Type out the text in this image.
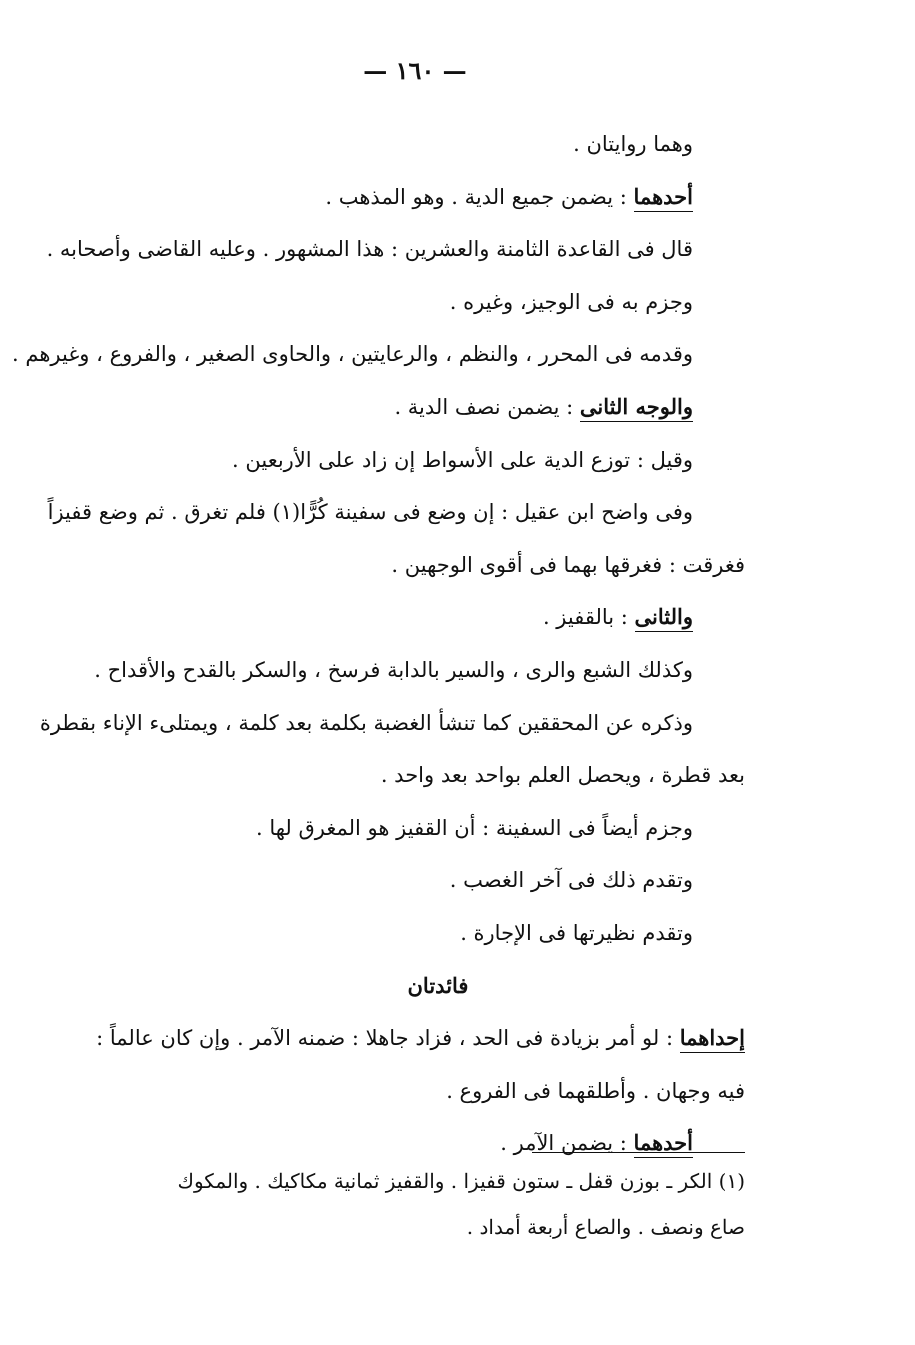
— ١٦٠ —
وهما روايتان .
أحدهما : يضمن جميع الدية . وهو المذهب .
قال فى القاعدة الثامنة والعشرين : هذا المشهور . وعليه القاضى وأصحابه .
وجزم به فى الوجيز، وغيره .
وقدمه فى المحرر ، والنظم ، والرعايتين ، والحاوى الصغير ، والفروع ، وغيرهم .
والوجه الثانى : يضمن نصف الدية .
وقيل : توزع الدية على الأسواط إن زاد على الأربعين .
وفى واضح ابن عقيل : إن وضع فى سفينة كُرًّا(١) فلم تغرق . ثم وضع قفيزاً
فغرقت : فغرقها بهما فى أقوى الوجهين .
والثانى : بالقفيز .
وكذلك الشبع والرى ، والسير بالدابة فرسخ ، والسكر بالقدح والأقداح .
وذكره عن المحققين كما تنشأ الغضبة بكلمة بعد كلمة ، ويمتلىء الإناء بقطرة
بعد قطرة ، ويحصل العلم بواحد بعد واحد .
وجزم أيضاً فى السفينة : أن القفيز هو المغرق لها .
وتقدم ذلك فى آخر الغصب .
وتقدم نظيرتها فى الإجارة .
فائدتان
إحداهما : لو أمر بزيادة فى الحد ، فزاد جاهلا : ضمنه الآمر . وإن كان عالماً :
فيه وجهان . وأطلقهما فى الفروع .
أحدهما : يضمن الآمر .
(١) الكر ـ بوزن قفل ـ ستون قفيزا . والقفيز ثمانية مكاكيك . والمكوك
صاع ونصف . والصاع أربعة أمداد .
